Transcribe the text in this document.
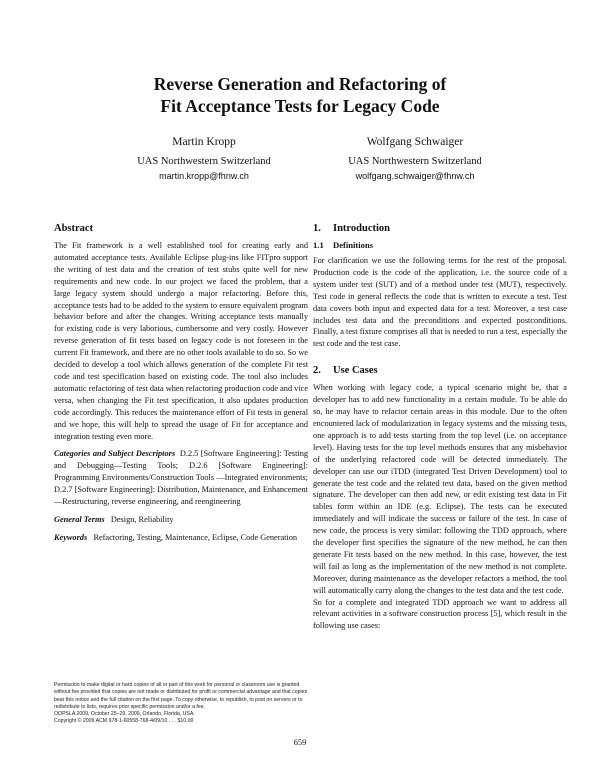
Reverse Generation and Refactoring of
Fit Acceptance Tests for Legacy Code
Martin Kropp
UAS Northwestern Switzerland
martin.kropp@fhnw.ch
Wolfgang Schwaiger
UAS Northwestern Switzerland
wolfgang.schwaiger@fhnw.ch
Abstract

The Fit framework is a well established tool for creating early and automated acceptance tests. Available Eclipse plug-ins like FITpro support the writing of test data and the creation of test stubs quite well for new requirements and new code. In our project we faced the problem, that a large legacy system should undergo a major refactoring. Before this, acceptance tests had to be added to the system to ensure equivalent program behavior before and after the changes. Writing acceptance tests manually for existing code is very laborious, cumbersome and very costly. However reverse generation of fit tests based on legacy code is not foreseen in the current Fit framework, and there are no other tools available to do so. So we decided to develop a tool which allows generation of the complete Fit test code and test specification based on existing code. The tool also includes automatic refactoring of test data when refactoring production code and vice versa, when changing the Fit test specification, it also updates production code accordingly. This reduces the maintenance effort of Fit tests in general and we hope, this will help to spread the usage of Fit for acceptance and integration testing even more.

Categories and Subject Descriptors D.2.5 [Software Engineering]: Testing and Debugging—Testing Tools; D.2.6 [Software Engineering]: Programming Environments/Construction Tools —Integrated environments; D.2.7 [Software Engineering]: Distribution, Maintenance, and Enhancement —Restructuring, reverse engineering, and reengineering

General Terms Design, Reliability

Keywords Refactoring, Testing, Maintenance, Eclipse, Code Generation

Permission to make digital or hard copies of all or part of this work for personal or classroom use is granted without fee provided that copies are not made or distributed for profit or commercial advantage and that copies bear this notice and the full citation on the first page. To copy otherwise, to republish, to post on servers or to redistribute to lists, requires prior specific permission and/or a fee.

OOPSLA 2009, October 25–29, 2009, Orlando, Florida, USA.

Copyright © 2009 ACM 978-1-60558-768-4/09/10 . . . $10.00

1. Introduction
1.1 Definitions

For clarification we use the following terms for the rest of the proposal. Production code is the code of the application, i.e. the source code of a system under test (SUT) and of a method under test (MUT), respectively. Test code in general reflects the code that is written to execute a test. Test data covers both input and expected data for a test. Moreover, a test case includes test data and the preconditions and expected postconditions. Finally, a test fixture comprises all that is needed to run a test, especially the test code and the test case.

2. Use Cases

When working with legacy code, a typical scenario might be, that a developer has to add new functionality in a certain module. To be able do so, he may have to refactor certain areas in this module. Due to the often encountered lack of modularization in legacy systems and the missing tests, one approach is to add tests starting from the top level (i.e. on acceptance level). Having tests for the top level methods ensures that any misbehavior of the underlying refactored code will be detected immediately. The developer can use our iTDD (integrated Test Driven Development) tool to generate the test code and the related test data, based on the given method signature. The developer can then add new, or edit existing test data in Fit tables form within an IDE (e.g. Eclipse). The tests can be executed immediately and will indicate the success or failure of the test. In case of new code, the process is very similar: following the TDD approach, where the developer first specifies the signature of the new method, he can then generate Fit tests based on the new method. In this case, however, the test will fail as long as the implementation of the new method is not complete. Moreover, during maintenance as the developer refactors a method, the tool will automatically carry along the changes to the test data and the test code.

So for a complete and integrated TDD approach we want to address all relevant activities in a software construction process [5], which result in the following use cases:

659
